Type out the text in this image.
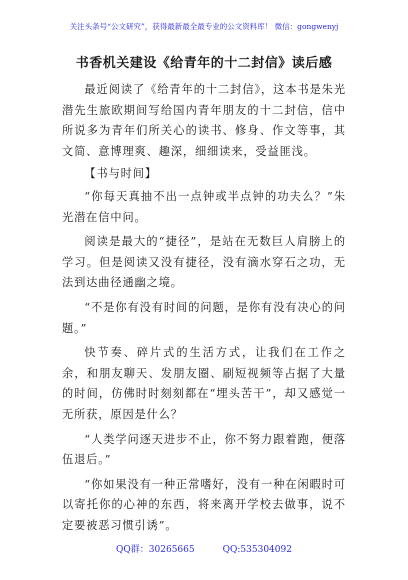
关注头条号“公文研究”，获得最新最全最专业的公文资料库！ 微信：gongwenyj
书香机关建设《给青年的十二封信》读后感

最近阅读了《给青年的十二封信》，这本书是朱光潜先生旅欧期间写给国内青年朋友的十二封信，信中所说多为青年们所关心的读书、修身、作文等事，其文简、意博理爽、趣深，细细读来，受益匪浅。

【书与时间】

“你每天真抽不出一点钟或半点钟的功夫么？”朱光潜在信中问。

阅读是最大的“捷径”，是站在无数巨人肩膀上的学习。但是阅读又没有捷径，没有滴水穿石之功，无法到达曲径通幽之境。

“不是你有没有时间的问题，是你有没有决心的问题。”

快节奏、碎片式的生活方式，让我们在工作之余，和朋友聊天、发朋友圈、刷短视频等占据了大量的时间，仿佛时时刻刻都在“埋头苦干”，却又感觉一无所获，原因是什么？

“人类学问逐天进步不止，你不努力跟着跑，便落伍退后。”

“你如果没有一种正常嗜好，没有一种在闲暇时可以寄托你的心神的东西，将来离开学校去做事，说不定要被恶习惯引诱”。

QQ群：30265665	QQ:535304092
